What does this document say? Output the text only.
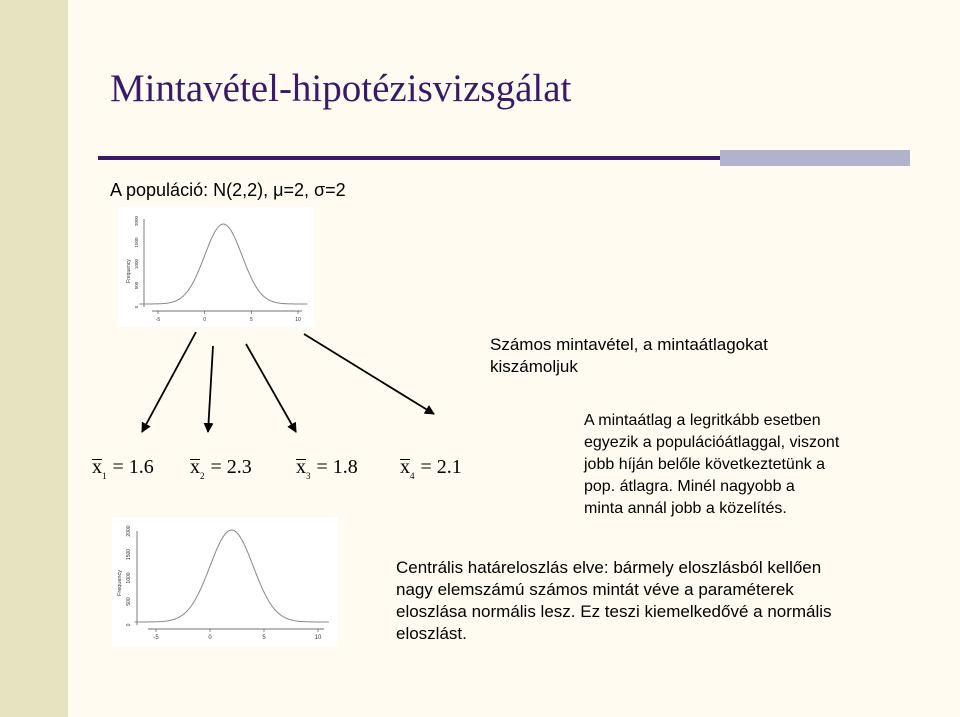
Mintavétel-hipotézisvizsgálat
A populáció: N(2,2), μ=2, σ=2
0
500
1000
1500
2000
-5	0	5	10
Frequency
Számos mintavétel, a mintaátlagokat
kiszámoljuk
$x_1 = 1.6$ $x_2 = 2.3$ $x_3 = 1.8$ $x_4 = 2.1$
A mintaátlag a legritkább esetben
egyezik a populációátlaggal, viszont
jobb híján belőle következtetünk a
pop. átlagra. Minél nagyobb a
minta annál jobb a közelítés.
0
500
1000
1500
2000
-5	0	5	10
Frequency
Centrális határeloszlás elve: bármely eloszlásból kellően
nagy elemszámú számos mintát véve a paraméterek
eloszlása normális lesz. Ez teszi kiemelkedővé a normális
eloszlást.
